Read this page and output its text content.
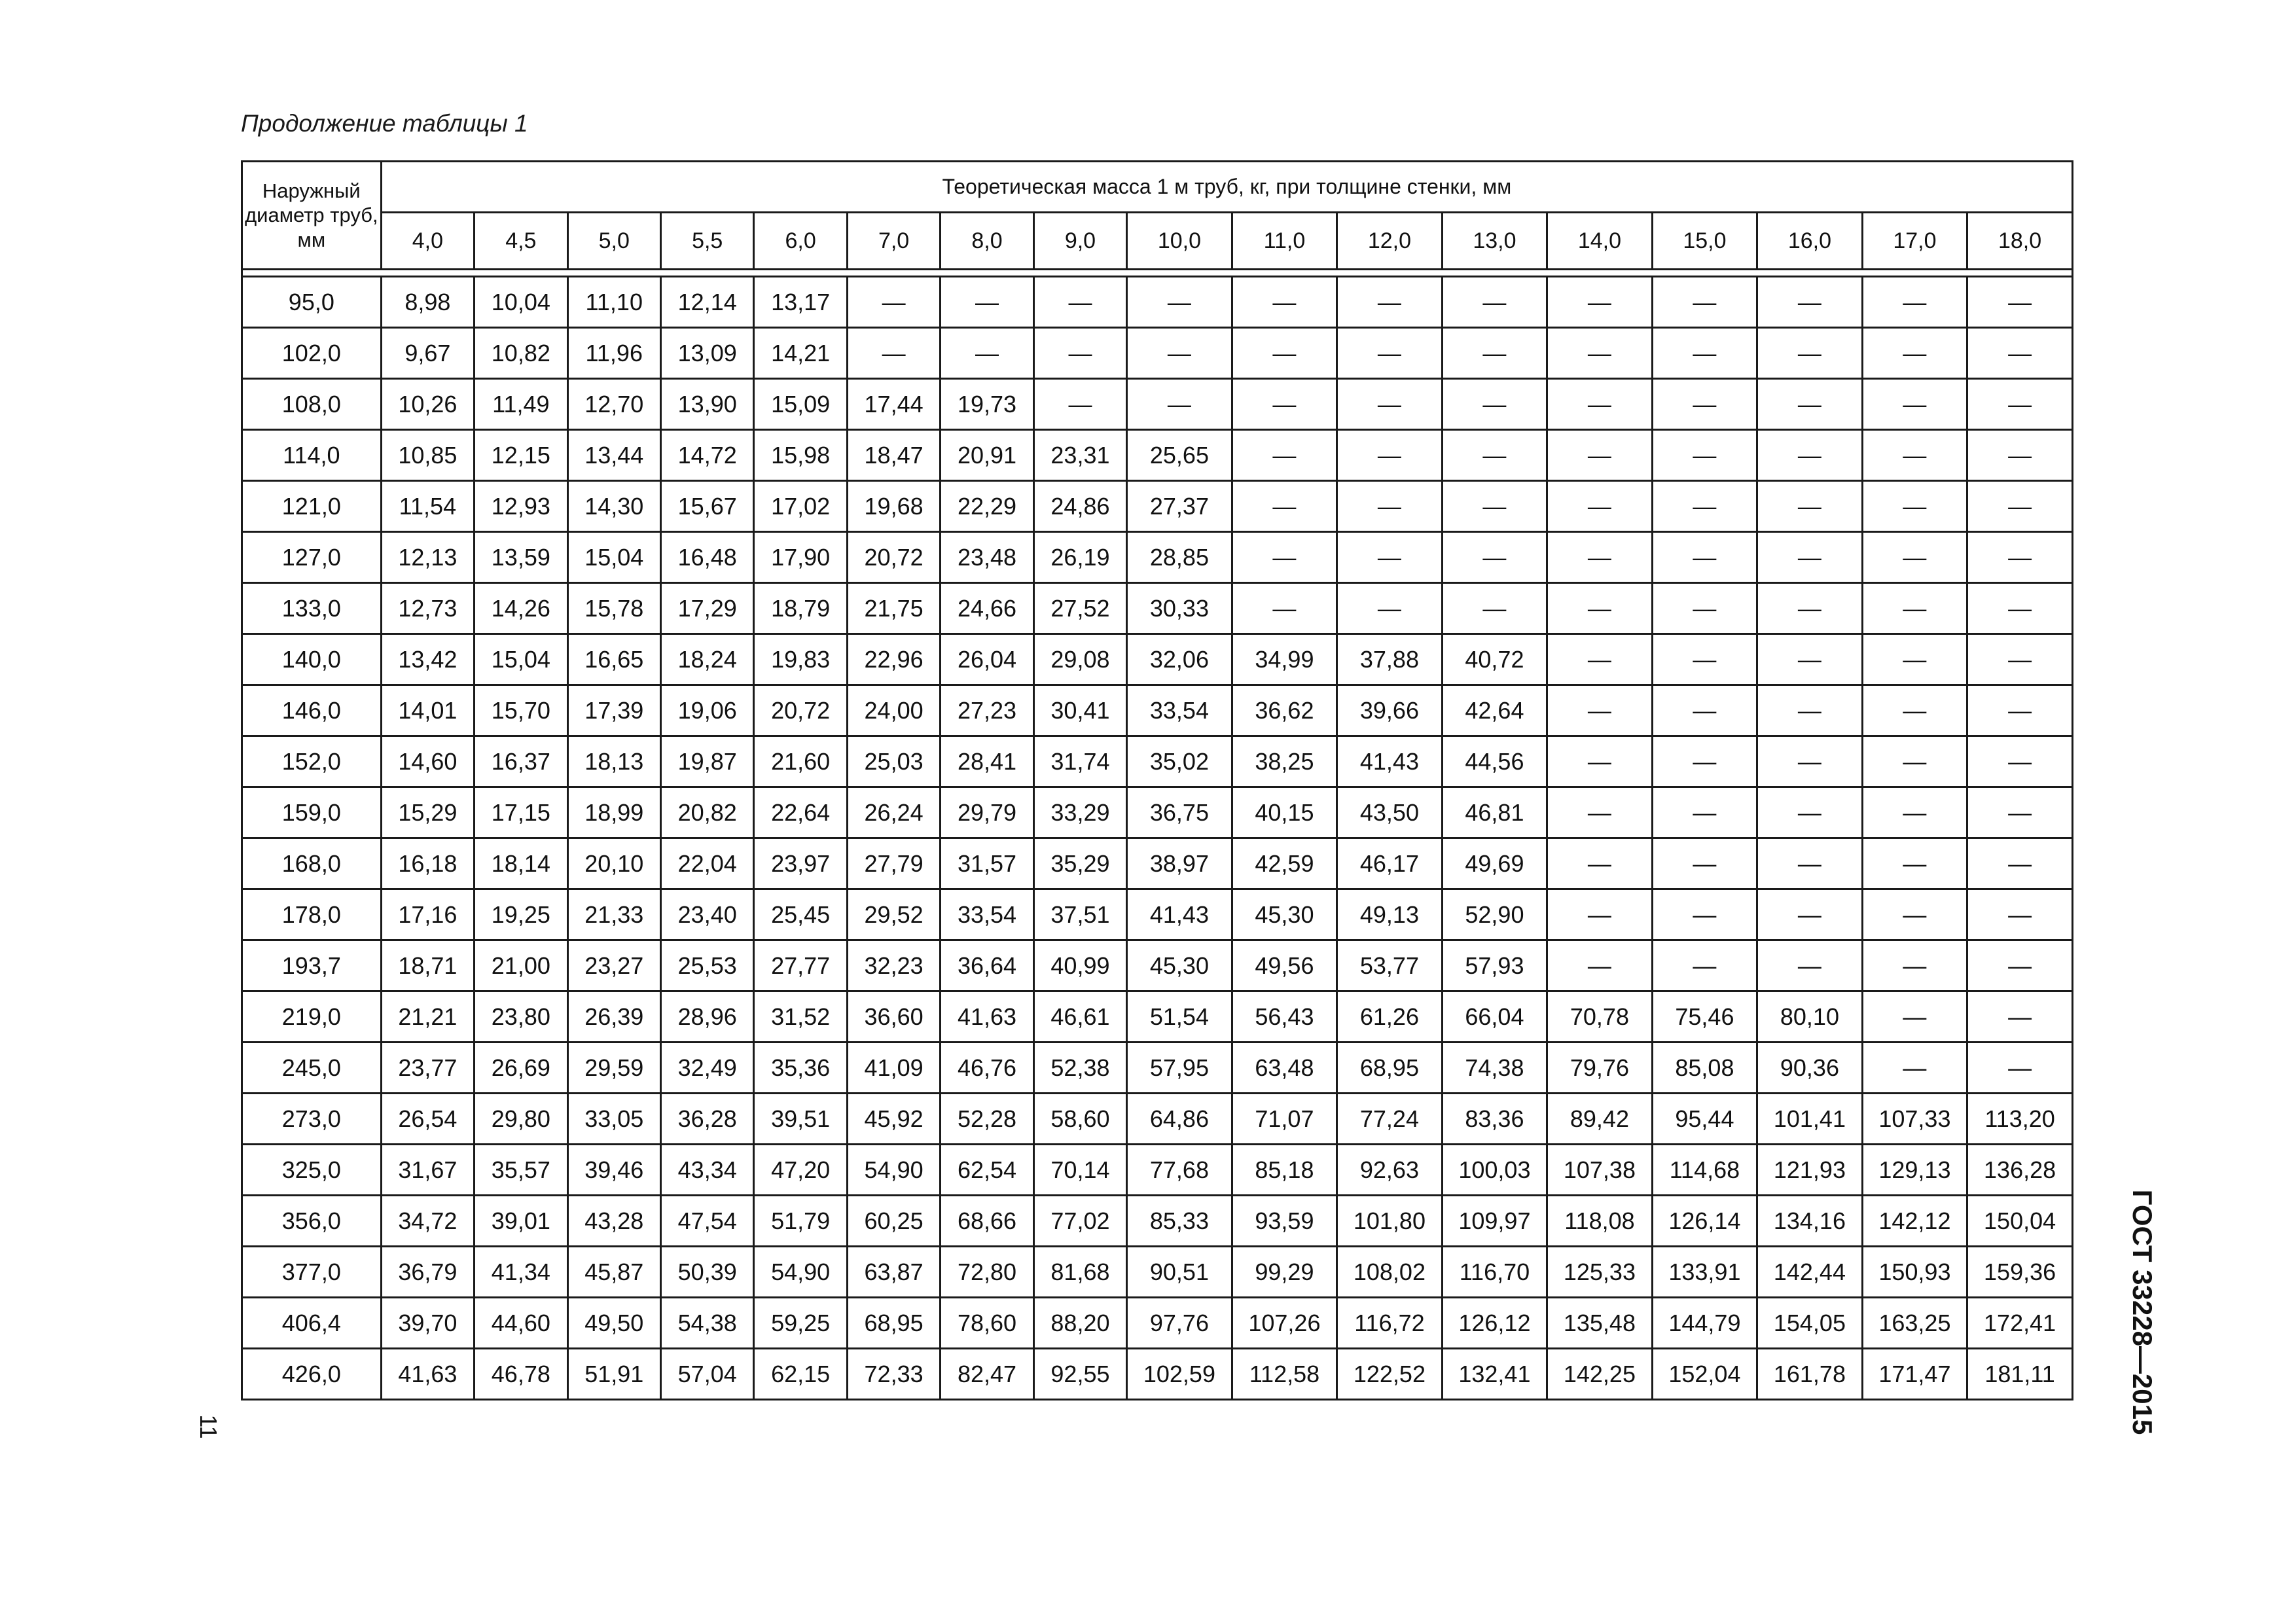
Продолжение таблицы 1
Наружный диаметр труб, мм	Теоретическая масса 1 м труб, кг, при толщине стенки, мм																
	4,0	4,5	5,0	5,5	6,0	7,0	8,0	9,0	10,0	11,0	12,0	13,0	14,0	15,0	16,0	17,0	18,0

95,0	8,98	10,04	11,10	12,14	13,17	—	—	—	—	—	—	—	—	—	—	—	—
102,0	9,67	10,82	11,96	13,09	14,21	—	—	—	—	—	—	—	—	—	—	—	—
108,0	10,26	11,49	12,70	13,90	15,09	17,44	19,73	—	—	—	—	—	—	—	—	—	—
114,0	10,85	12,15	13,44	14,72	15,98	18,47	20,91	23,31	25,65	—	—	—	—	—	—	—	—
121,0	11,54	12,93	14,30	15,67	17,02	19,68	22,29	24,86	27,37	—	—	—	—	—	—	—	—
127,0	12,13	13,59	15,04	16,48	17,90	20,72	23,48	26,19	28,85	—	—	—	—	—	—	—	—
133,0	12,73	14,26	15,78	17,29	18,79	21,75	24,66	27,52	30,33	—	—	—	—	—	—	—	—
140,0	13,42	15,04	16,65	18,24	19,83	22,96	26,04	29,08	32,06	34,99	37,88	40,72	—	—	—	—	—
146,0	14,01	15,70	17,39	19,06	20,72	24,00	27,23	30,41	33,54	36,62	39,66	42,64	—	—	—	—	—
152,0	14,60	16,37	18,13	19,87	21,60	25,03	28,41	31,74	35,02	38,25	41,43	44,56	—	—	—	—	—
159,0	15,29	17,15	18,99	20,82	22,64	26,24	29,79	33,29	36,75	40,15	43,50	46,81	—	—	—	—	—
168,0	16,18	18,14	20,10	22,04	23,97	27,79	31,57	35,29	38,97	42,59	46,17	49,69	—	—	—	—	—
178,0	17,16	19,25	21,33	23,40	25,45	29,52	33,54	37,51	41,43	45,30	49,13	52,90	—	—	—	—	—
193,7	18,71	21,00	23,27	25,53	27,77	32,23	36,64	40,99	45,30	49,56	53,77	57,93	—	—	—	—	—
219,0	21,21	23,80	26,39	28,96	31,52	36,60	41,63	46,61	51,54	56,43	61,26	66,04	70,78	75,46	80,10	—	—
245,0	23,77	26,69	29,59	32,49	35,36	41,09	46,76	52,38	57,95	63,48	68,95	74,38	79,76	85,08	90,36	—	—
273,0	26,54	29,80	33,05	36,28	39,51	45,92	52,28	58,60	64,86	71,07	77,24	83,36	89,42	95,44	101,41	107,33	113,20
325,0	31,67	35,57	39,46	43,34	47,20	54,90	62,54	70,14	77,68	85,18	92,63	100,03	107,38	114,68	121,93	129,13	136,28
356,0	34,72	39,01	43,28	47,54	51,79	60,25	68,66	77,02	85,33	93,59	101,80	109,97	118,08	126,14	134,16	142,12	150,04
377,0	36,79	41,34	45,87	50,39	54,90	63,87	72,80	81,68	90,51	99,29	108,02	116,70	125,33	133,91	142,44	150,93	159,36
406,4	39,70	44,60	49,50	54,38	59,25	68,95	78,60	88,20	97,76	107,26	116,72	126,12	135,48	144,79	154,05	163,25	172,41
426,0	41,63	46,78	51,91	57,04	62,15	72,33	82,47	92,55	102,59	112,58	122,52	132,41	142,25	152,04	161,78	171,47	181,11	ГОСТ 33228—2015
11
